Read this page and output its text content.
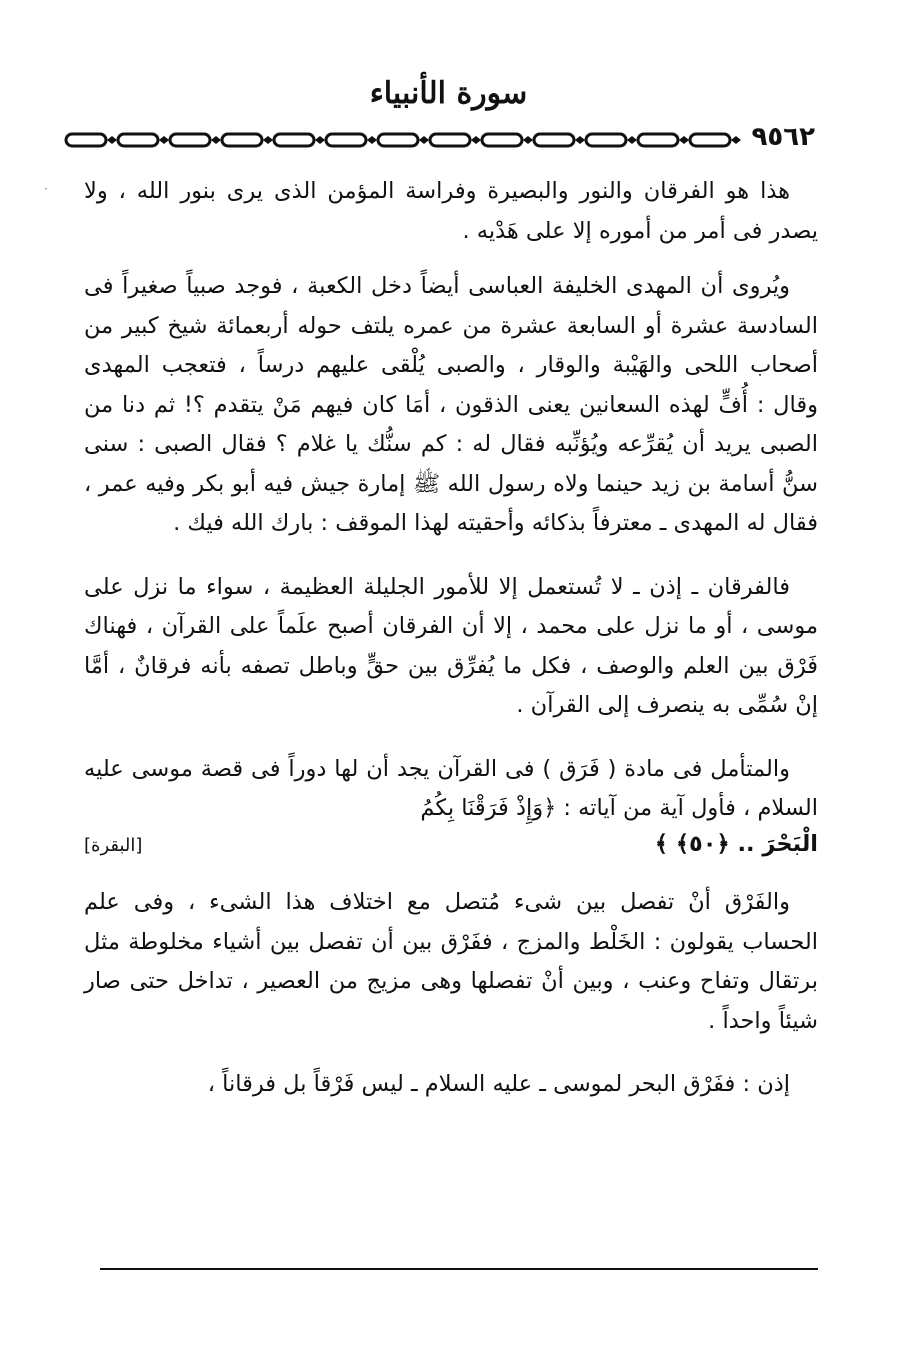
سورة الأنبياء
٩٥٦٢

هذا هو الفرقان والنور والبصيرة وفراسة المؤمن الذى يرى بنور الله ، ولا يصدر فى أمر من أموره إلا على هَدْيه .

ويُروى أن المهدى الخليفة العباسى أيضاً دخل الكعبة ، فوجد صبياً صغيراً فى السادسة عشرة أو السابعة عشرة من عمره يلتف حوله أربعمائة شيخ كبير من أصحاب اللحى والهَيْبة والوقار ، والصبى يُلْقى عليهم درساً ، فتعجب المهدى وقال : أُفٍّ لهذه السعانين يعنى الذقون ، أمَا كان فيهم مَنْ يتقدم ؟! ثم دنا من الصبى يريد أن يُقرِّعه ويُؤنِّبه فقال له : كم سنُّك يا غلام ؟ فقال الصبى : سنى سنُّ أسامة بن زيد حينما ولاه رسول الله ﷺ إمارة جيش فيه أبو بكر وفيه عمر ، فقال له المهدى ـ معترفاً بذكائه وأحقيته لهذا الموقف : بارك الله فيك .

فالفرقان ـ إذن ـ لا تُستعمل إلا للأمور الجليلة العظيمة ، سواء ما نزل على موسى ، أو ما نزل على محمد ، إلا أن الفرقان أصبح علَماً على القرآن ، فهناك فَرْق بين العلم والوصف ، فكل ما يُفرِّق بين حقٍّ وباطل تصفه بأنه فرقانٌ ، أمَّا إنْ سُمِّى به ينصرف إلى القرآن .

والمتأمل فى مادة ( فَرَق ) فى القرآن يجد أن لها دوراً فى قصة موسى عليه السلام ، فأول آية من آياته : ﴿وَإِذْ فَرَقْنَا بِكُمُ

الْبَحْرَ .. ﴿٥٠﴾ ﴾
[البقرة]

والفَرْق أنْ تفصل بين شىء مُتصل مع اختلاف هذا الشىء ، وفى علم الحساب يقولون : الخَلْط والمزج ، ففَرْق بين أن تفصل بين أشياء مخلوطة مثل برتقال وتفاح وعنب ، وبين أنْ تفصلها وهى مزيج من العصير ، تداخل حتى صار شيئاً واحداً .

إذن : ففَرْق البحر لموسى ـ عليه السلام ـ ليس فَرْقاً بل فرقاناً ،

·
